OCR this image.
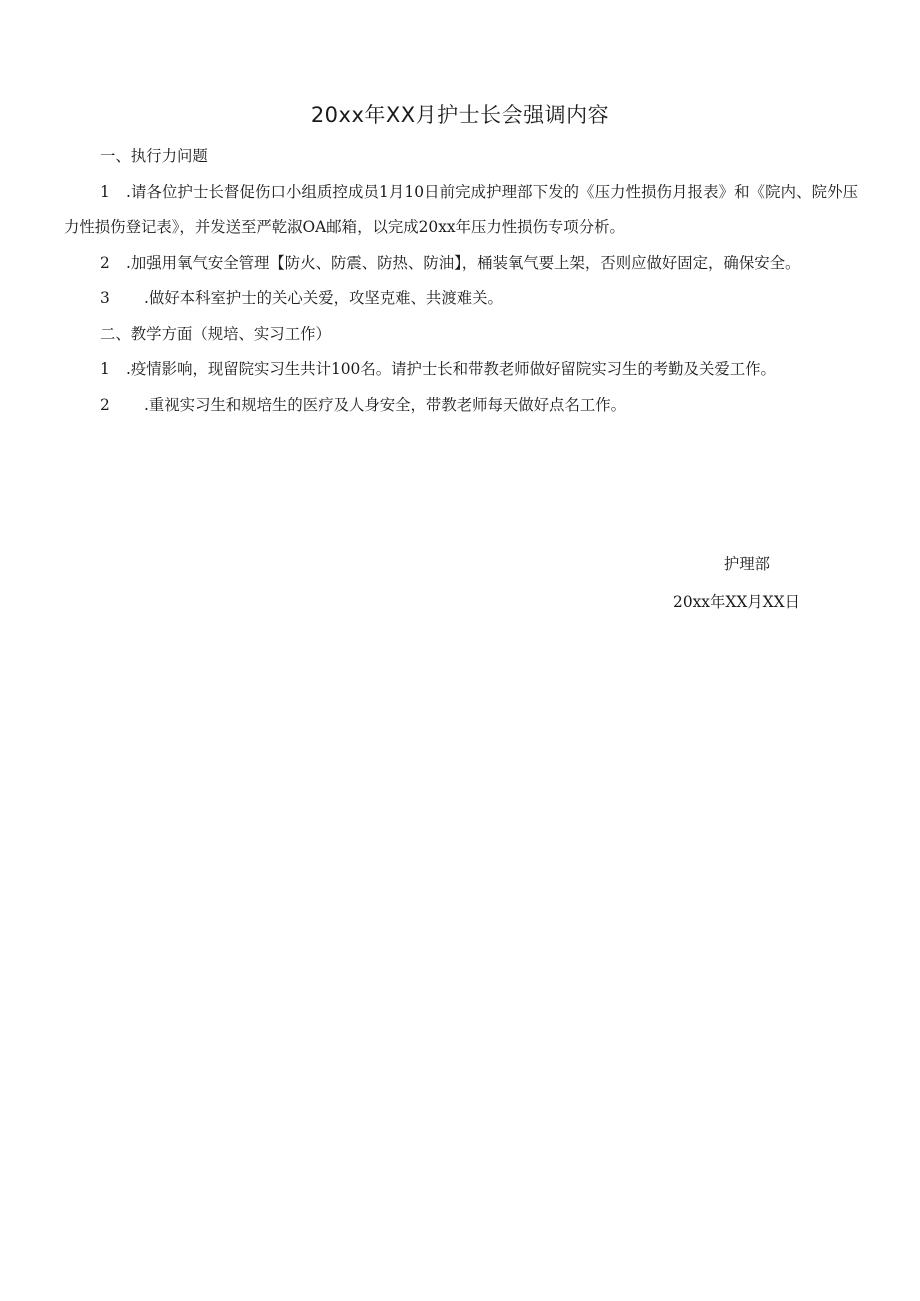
20xx年XX月护士长会强调内容

一、执行力问题

1 .请各位护士长督促伤口小组质控成员1月10日前完成护理部下发的《压力性损伤月报表》和《院内、院外压力性损伤登记表》，并发送至严乾淑OA邮箱，以完成20xx年压力性损伤专项分析。

2 .加强用氧气安全管理【防火、防震、防热、防油】，桶装氧气要上架，否则应做好固定，确保安全。

3 .做好本科室护士的关心关爱，攻坚克难、共渡难关。

二、教学方面（规培、实习工作）

1 .疫情影响，现留院实习生共计100名。请护士长和带教老师做好留院实习生的考勤及关爱工作。

2 .重视实习生和规培生的医疗及人身安全，带教老师每天做好点名工作。

护理部
20xx年XX月XX日
